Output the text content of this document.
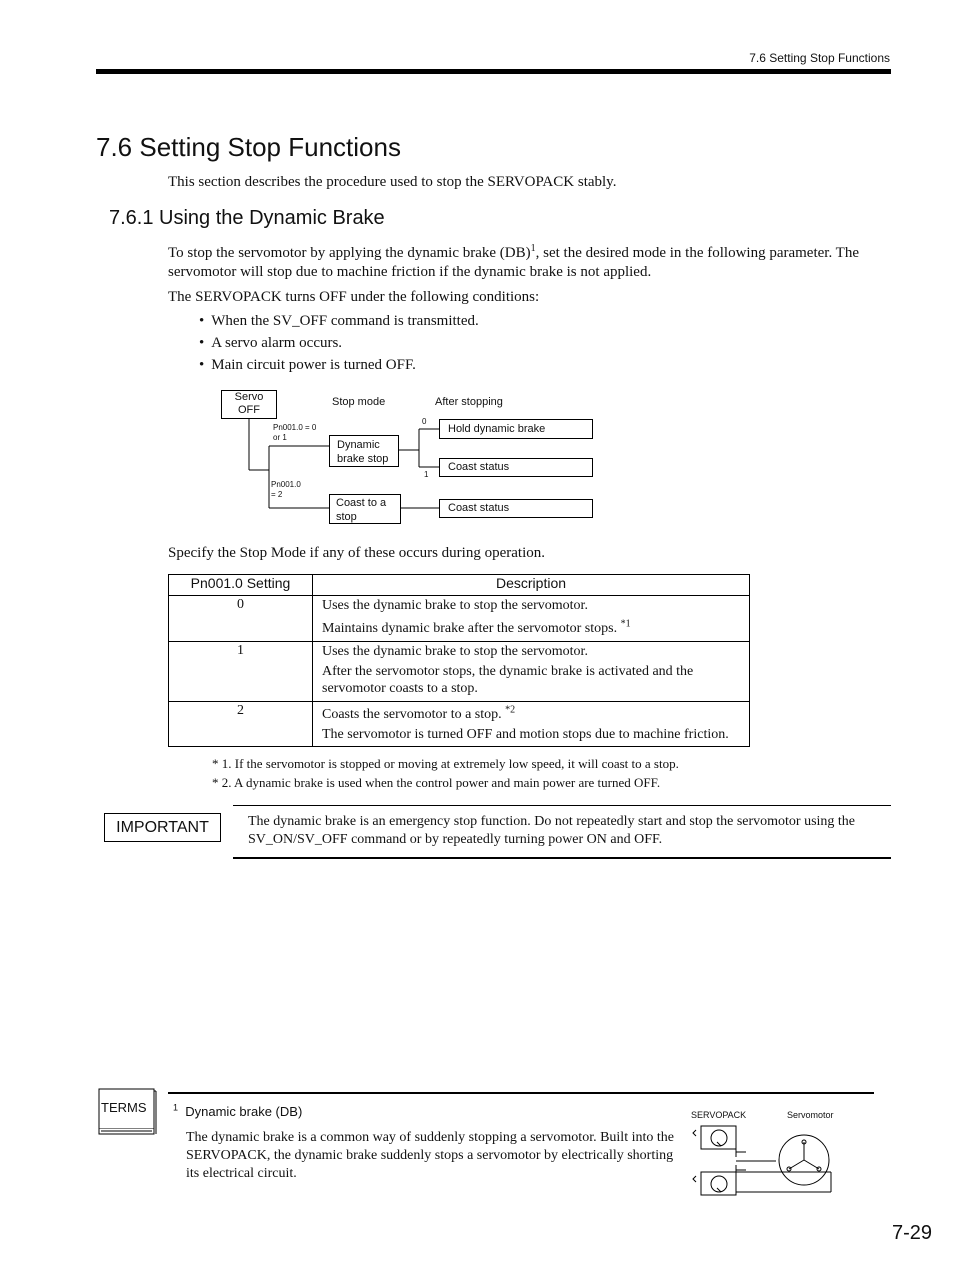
7.6 Setting Stop Functions
7.6 Setting Stop Functions
This section describes the procedure used to stop the SERVOPACK stably.
7.6.1 Using the Dynamic Brake
To stop the servomotor by applying the dynamic brake (DB)$^1$, set the desired mode in the following parameter. The servomotor will stop due to machine friction if the dynamic brake is not applied.
The SERVOPACK turns OFF under the following conditions:
• When the SV_OFF command is transmitted.
• A servo alarm occurs.
• Main circuit power is turned OFF.
Servo
OFF
Stop mode	After stopping
Pn001.0 = 0
or 1
Pn001.0
= 2
Dynamic
brake stop
Coast to a
stop
0
1
Hold dynamic brake
Coast status
Coast status
Specify the Stop Mode if any of these occurs during operation.
Pn001.0 Setting	Description
0	Uses the dynamic brake to stop the servomotor.
Maintains dynamic brake after the servomotor stops. $^{*1}$

1	Uses the dynamic brake to stop the servomotor.
After the servomotor stops, the dynamic brake is activated and the servomotor coasts to a stop.

2	Coasts the servomotor to a stop. $^{*2}$
The servomotor is turned OFF and motion stops due to machine friction.
* 1. If the servomotor is stopped or moving at extremely low speed, it will coast to a stop.
* 2. A dynamic brake is used when the control power and main power are turned OFF.
IMPORTANT	The dynamic brake is an emergency stop function. Do not repeatedly start and stop the servomotor using the SV_ON/SV_OFF command or by repeatedly turning power ON and OFF.
TERMS	$^1$ Dynamic brake (DB)
The dynamic brake is a common way of suddenly stopping a servomotor. Built into the SERVOPACK, the dynamic brake suddenly stops a servomotor by electrically shorting its electrical circuit.
SERVOPACK	Servomotor
7-29
